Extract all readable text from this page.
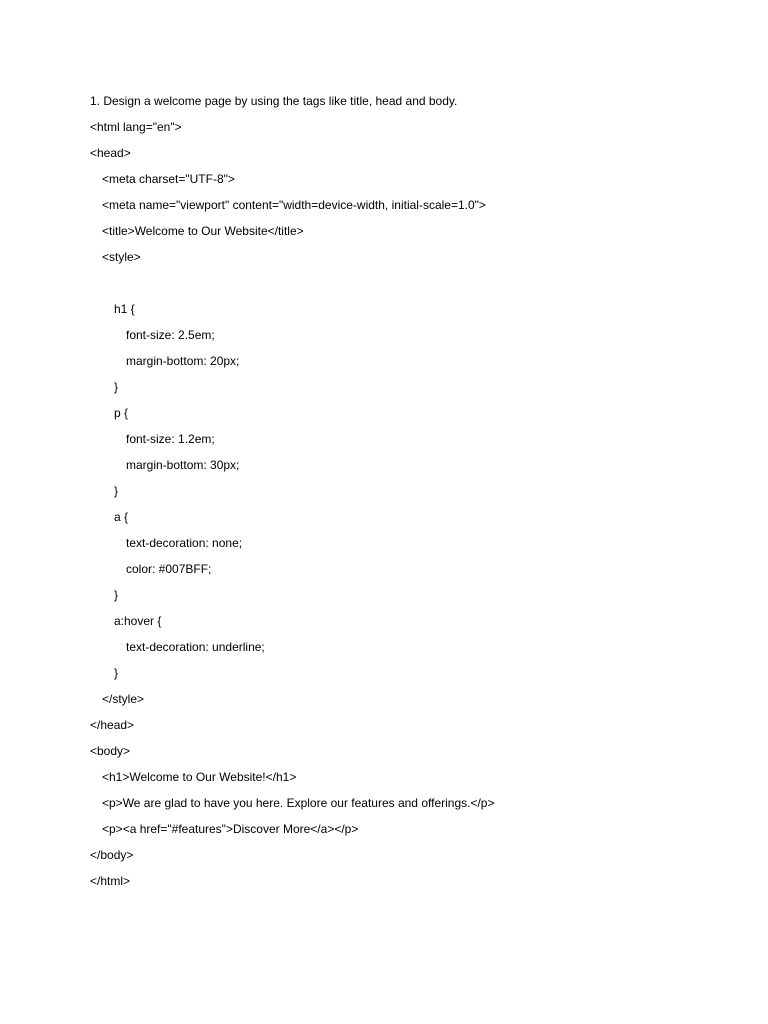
1. Design a welcome page by using the tags like title, head and body.

<html lang="en">

<head>

<meta charset="UTF-8">

<meta name="viewport" content="width=device-width, initial-scale=1.0">

<title>Welcome to Our Website</title>

<style>

h1 {

font-size: 2.5em;

margin-bottom: 20px;

}

p {

font-size: 1.2em;

margin-bottom: 30px;

}

a {

text-decoration: none;

color: #007BFF;

}

a:hover {

text-decoration: underline;

}

</style>

</head>

<body>

<h1>Welcome to Our Website!</h1>

<p>We are glad to have you here. Explore our features and offerings.</p>

<p><a href="#features">Discover More</a></p>

</body>

</html>
